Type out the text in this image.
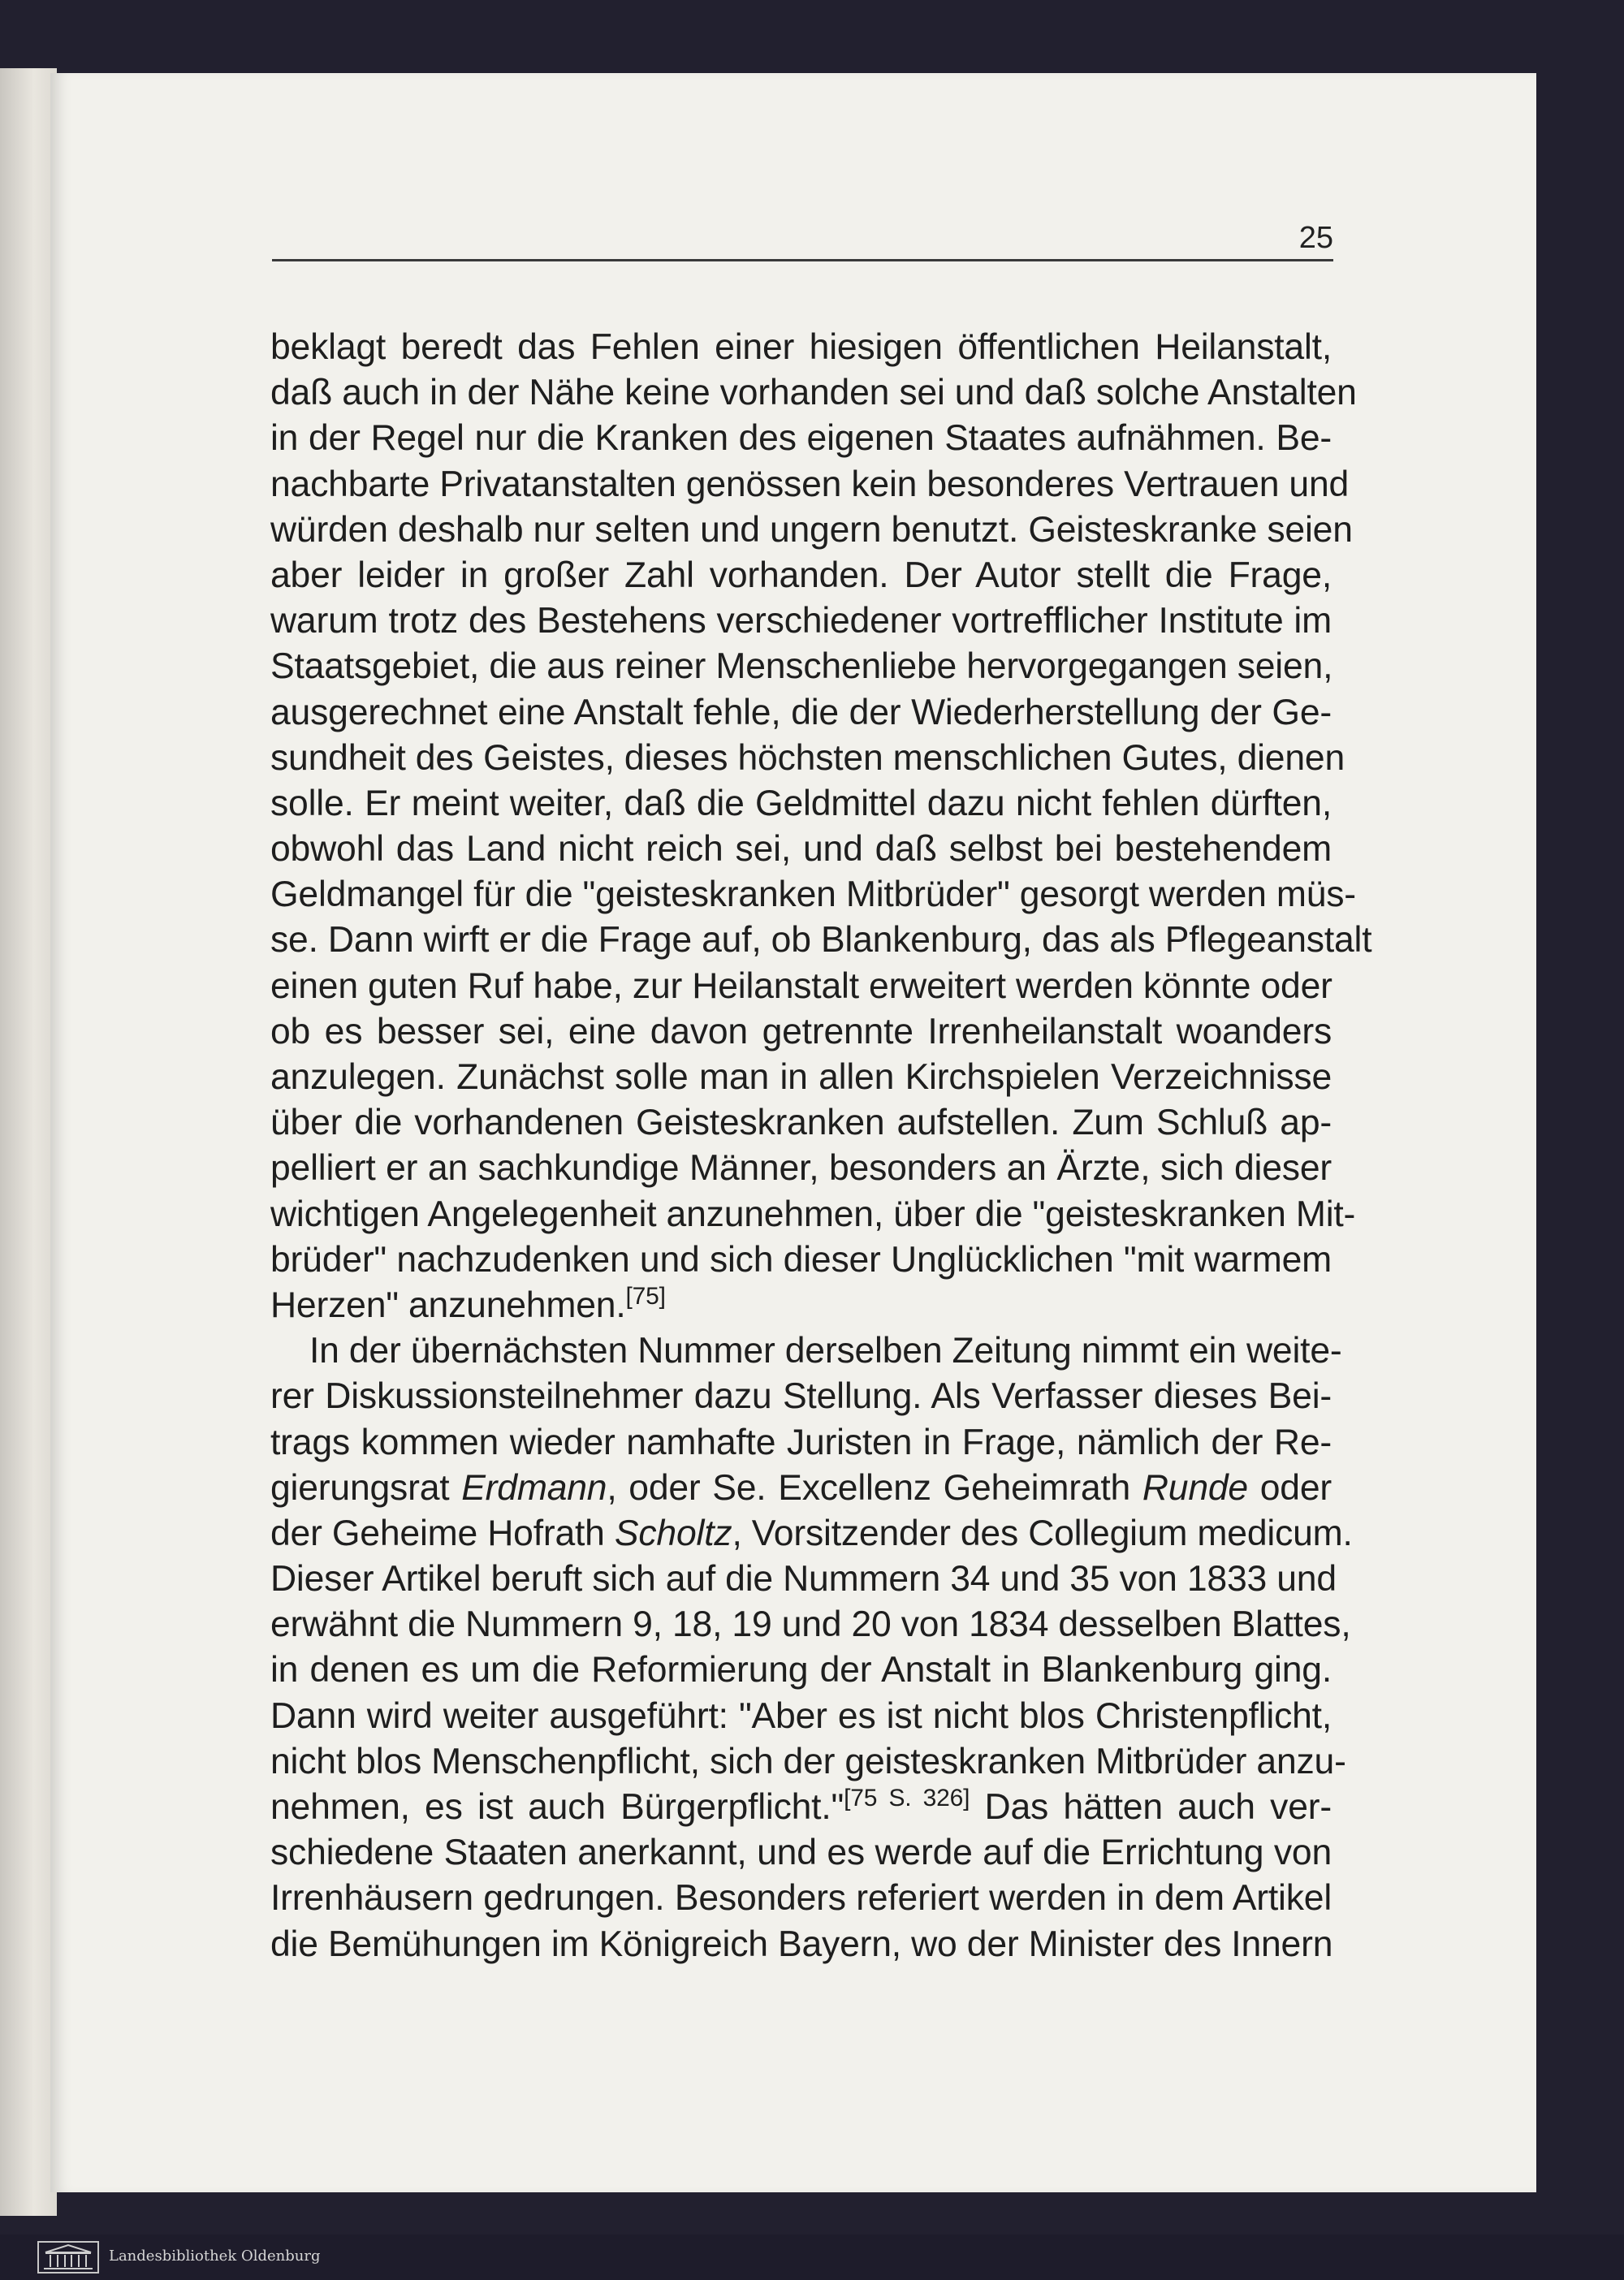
25
beklagt beredt das Fehlen einer hiesigen öffentlichen Heilanstalt,
daß auch in der Nähe keine vorhanden sei und daß solche Anstalten
in der Regel nur die Kranken des eigenen Staates aufnähmen. Be-
nachbarte Privatanstalten genössen kein besonderes Vertrauen und
würden deshalb nur selten und ungern benutzt. Geisteskranke seien
aber leider in großer Zahl vorhanden. Der Autor stellt die Frage,
warum trotz des Bestehens verschiedener vortrefflicher Institute im
Staatsgebiet, die aus reiner Menschenliebe hervorgegangen seien,
ausgerechnet eine Anstalt fehle, die der Wiederherstellung der Ge-
sundheit des Geistes, dieses höchsten menschlichen Gutes, dienen
solle. Er meint weiter, daß die Geldmittel dazu nicht fehlen dürften,
obwohl das Land nicht reich sei, und daß selbst bei bestehendem
Geldmangel für die "geisteskranken Mitbrüder" gesorgt werden müs-
se. Dann wirft er die Frage auf, ob Blankenburg, das als Pflegeanstalt
einen guten Ruf habe, zur Heilanstalt erweitert werden könnte oder
ob es besser sei, eine davon getrennte Irrenheilanstalt woanders
anzulegen. Zunächst solle man in allen Kirchspielen Verzeichnisse
über die vorhandenen Geisteskranken aufstellen. Zum Schluß ap-
pelliert er an sachkundige Männer, besonders an Ärzte, sich dieser
wichtigen Angelegenheit anzunehmen, über die "geisteskranken Mit-
brüder" nachzudenken und sich dieser Unglücklichen "mit warmem
Herzen" anzunehmen.[75]
In der übernächsten Nummer derselben Zeitung nimmt ein weite-
rer Diskussionsteilnehmer dazu Stellung. Als Verfasser dieses Bei-
trags kommen wieder namhafte Juristen in Frage, nämlich der Re-
gierungsrat Erdmann, oder Se. Excellenz Geheimrath Runde oder
der Geheime Hofrath Scholtz, Vorsitzender des Collegium medicum.
Dieser Artikel beruft sich auf die Nummern 34 und 35 von 1833 und
erwähnt die Nummern 9, 18, 19 und 20 von 1834 desselben Blattes,
in denen es um die Reformierung der Anstalt in Blankenburg ging.
Dann wird weiter ausgeführt: "Aber es ist nicht blos Christenpflicht,
nicht blos Menschenpflicht, sich der geisteskranken Mitbrüder anzu-
nehmen, es ist auch Bürgerpflicht."[75 S. 326] Das hätten auch ver-
schiedene Staaten anerkannt, und es werde auf die Errichtung von
Irrenhäusern gedrungen. Besonders referiert werden in dem Artikel
die Bemühungen im Königreich Bayern, wo der Minister des Innern
Landesbibliothek Oldenburg
